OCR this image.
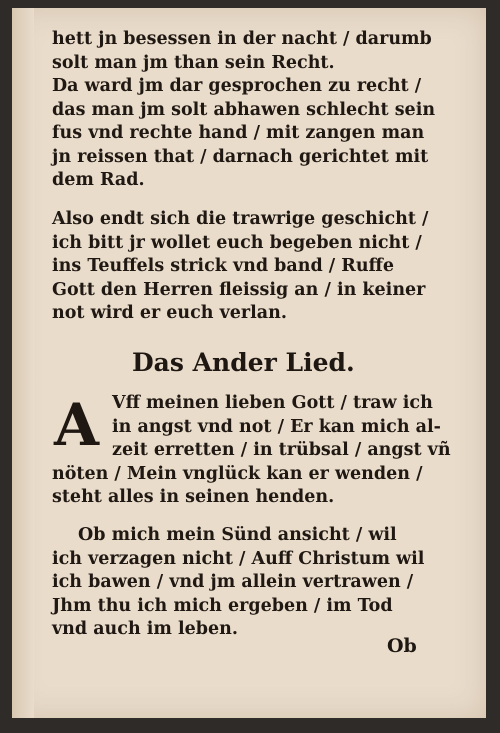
hett jn besessen in der nacht / darumb
solt man jm than sein Recht.
Da ward jm dar gesprochen zu recht /
das man jm solt abhawen schlecht sein
fus vnd rechte hand / mit zangen man
jn reissen that / darnach gerichtet mit
dem Rad.
Also endt sich die trawrige geschicht /
ich bitt jr wollet euch begeben nicht /
ins Teuffels strick vnd band / Ruffe
Gott den Herren fleissig an / in keiner
not wird er euch verlan.
Das Ander Lied.
A Vff meinen lieben Gott / traw ich
in angst vnd not / Er kan mich al-
zeit erretten / in trübsal / angst vñ
nöten / Mein vnglück kan er wenden /
steht alles in seinen henden.
Ob mich mein Sünd ansicht / wil
ich verzagen nicht / Auff Christum wil
ich bawen / vnd jm allein vertrawen /
Jhm thu ich mich ergeben / im Tod
vnd auch im leben.
Ob
